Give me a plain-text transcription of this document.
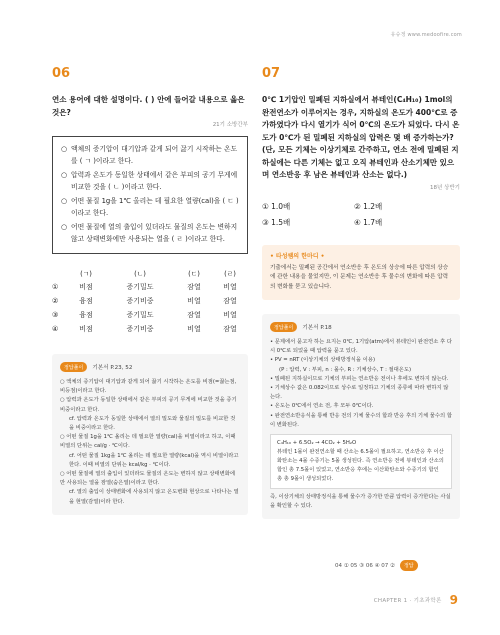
유슈정 www.medoofire.com
06
연소 용어에 대한 설명이다. ( ) 안에 들어갈 내용으로 옳은 것은?
21기 소방간부
○ 액체의 증기압이 대기압과 같게 되어 끓기 시작하는 온도를 ( ㄱ )이라고 한다.
○ 압력과 온도가 동일한 상태에서 같은 부피의 공기 무게에 비교한 것을 ( ㄴ )이라고 한다.
○ 어떤 물질 1g을 1℃ 올리는 데 필요한 열량(cal)을 ( ㄷ ) 이라고 한다.
○ 어떤 물질에 열의 출입이 있더라도 물질의 온도는 변하지 않고 상태변화에만 사용되는 열을 ( ㄹ )이라고 한다.
	(ㄱ)	(ㄴ)	(ㄷ)	(ㄹ)
①	비점	증기밀도	잠열	비열
②	융점	증기비중	비열	잠열
③	융점	증기밀도	잠열	비열
④	비점	증기비중	비열	잠열
정답풀이	기본서 P.23, 52
○ 액체의 증기압이 대기압과 같게 되어 끓기 시작하는 온도를 비점(=끓는점, 비등점)이라고 한다.
○ 압력과 온도가 동일한 상태에서 같은 부피의 공기 무게에 비교한 것을 증기비중이라고 한다.
cf. 압력과 온도가 동일한 상태에서 열의 밀도와 물질의 밀도를 비교한 것을 비중이라고 한다.
○ 어떤 물질 1g을 1℃ 올리는 데 필요한 열량(cal)을 비열이라고 하고, 이때 비열의 단위는 cal/g · ℃이다.
cf. 어떤 물질 1kg을 1℃ 올리는 데 필요한 열량(kcal)을 역시 비열이라고 한다. 이때 비열의 단위는 kcal/kg · ℃이다.
○ 어떤 물질에 열의 출입이 있더라도 물질의 온도는 변하지 않고 상태변화에만 사용되는 열을 잠열(숨은열)이라고 한다.
cf. 열의 출입이 상태변화에 사용되지 않고 온도변화 현상으로 나타나는 열을 현열(감열)이라 한다.
07
0℃ 1기압인 밀폐된 지하실에서 뷰테인(C₄H₁₀) 1mol의 완전연소가 이루어지는 경우, 지하실의 온도가 400℃로 증가하였다가 다시 열기가 식어 0℃의 온도가 되었다. 다시 온도가 0℃가 된 밀폐된 지하실의 압력은 몇 배 증가하는가? (단, 모든 기체는 이상기체로 간주하고, 연소 전에 밀폐된 지하실에는 다른 기체는 없고 오직 뷰테인과 산소기체만 있으며 연소반응 후 남은 뷰테인과 산소는 없다.)
18년 상반기
① 1.0배	② 1.2배
③ 1.5배	④ 1.7배
• 타성쌤의 한마디 •
기출에서는 밀폐된 공간에서 연소반응 후 온도의 상승에 따른 압력의 상승에 관한 내용을 물었지만, 이 문제는 연소반응 후 물수의 변화에 따른 압력의 변화를 묻고 있습니다.
정답풀이	기본서 P.18
• 문제에서 묻고자 하는 요지는 0℃, 1기압(atm)에서 뷰테인이 완전연소 후 다시 0℃로 되었을 때 압력을 묻고 있다.
• PV = nRT (이상기체의 상태방정식을 이용)
(P : 압력, V : 부피, n : 몰수, R : 기체상수, T : 절대온도)
• 밀폐된 지하실이므로 기체의 부피는 연소반응 전이나 후에도 변하지 않는다.
• 기체상수 값은 0.082이므로 상수로 일정하고 기체의 종류에 따라 변하지 않는다.
• 온도는 0℃에서 연소 전, 후 모두 0℃이다.
• 완전연소반응식을 통해 반응 전의 기체 물수의 합과 반응 후의 기체 물수의 합이 변화된다.
C₄H₁₀ + 6.5O₂ → 4CO₂ + 5H₂O
뷰테인 1몰이 완전연소할 때 산소는 6.5몰이 필요하고, 연소반응 후 이산화탄소는 4몰 수증기는 5몰 생성된다. 즉 연소반응 전에 뷰테인과 산소의 합인 총 7.5몰이 있었고, 연소반응 후에는 이산화탄소와 수증기의 합인 총 총 9몰이 생성되었다.
즉, 이상기체의 상태방정식을 통해 물수가 증가한 만큼 압력이 증가한다는 사실을 확인할 수 있다.
04 ① 05 ③ 06 ④ 07 ②	정답
CHAPTER 1 · 기초과학론 9
